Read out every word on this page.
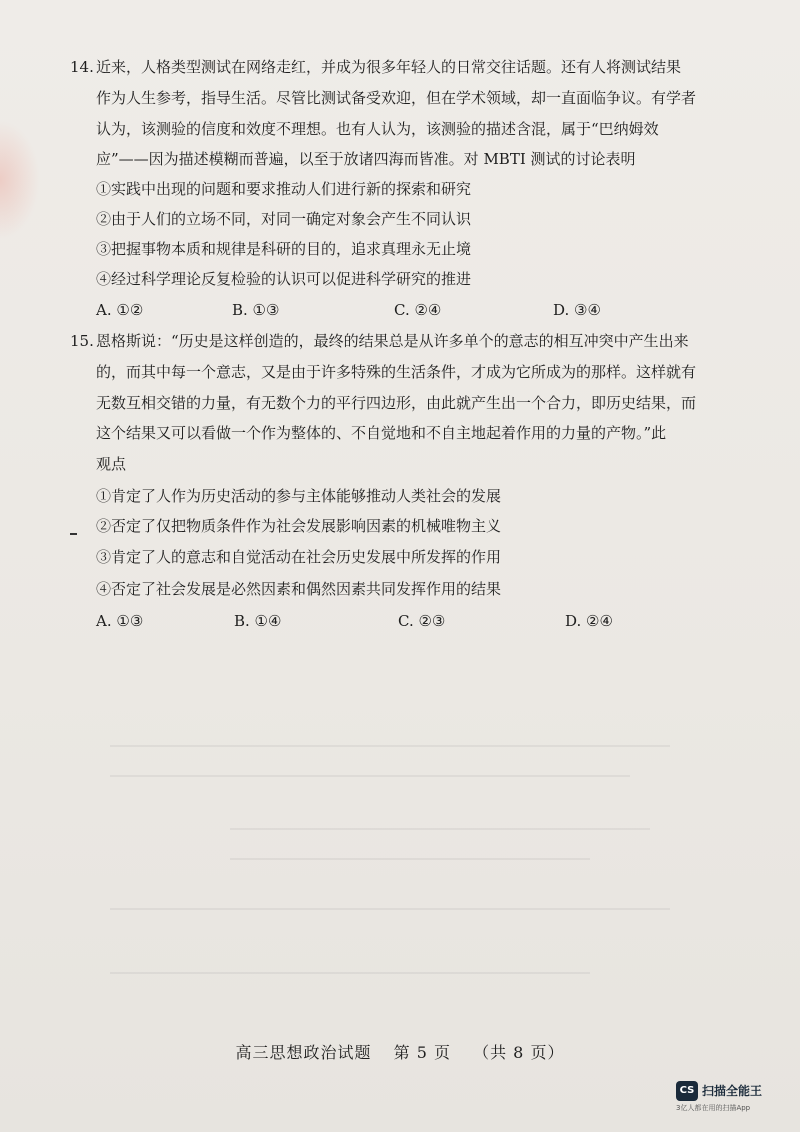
14. 近来，人格类型测试在网络走红，并成为很多年轻人的日常交往话题。还有人将测试结果
作为人生参考，指导生活。尽管比测试备受欢迎，但在学术领域，却一直面临争议。有学者
认为，该测验的信度和效度不理想。也有人认为，该测验的描述含混，属于“巴纳姆效
应”——因为描述模糊而普遍，以至于放诸四海而皆准。对 MBTI 测试的讨论表明
①实践中出现的问题和要求推动人们进行新的探索和研究
②由于人们的立场不同，对同一确定对象会产生不同认识
③把握事物本质和规律是科研的目的，追求真理永无止境
④经过科学理论反复检验的认识可以促进科学研究的推进
A. ①②	B. ①③	C. ②④	D. ③④
15. 恩格斯说：“历史是这样创造的，最终的结果总是从许多单个的意志的相互冲突中产生出来
的，而其中每一个意志，又是由于许多特殊的生活条件，才成为它所成为的那样。这样就有
无数互相交错的力量，有无数个力的平行四边形，由此就产生出一个合力，即历史结果，而
这个结果又可以看做一个作为整体的、不自觉地和不自主地起着作用的力量的产物。”此
观点
①肯定了人作为历史活动的参与主体能够推动人类社会的发展
②否定了仅把物质条件作为社会发展影响因素的机械唯物主义
③肯定了人的意志和自觉活动在社会历史发展中所发挥的作用
④否定了社会发展是必然因素和偶然因素共同发挥作用的结果
A. ①③	B. ①④	C. ②③	D. ②④
高三思想政治试题 第 5 页 （共 8 页）
CS 扫描全能王
3亿人都在用的扫描App
